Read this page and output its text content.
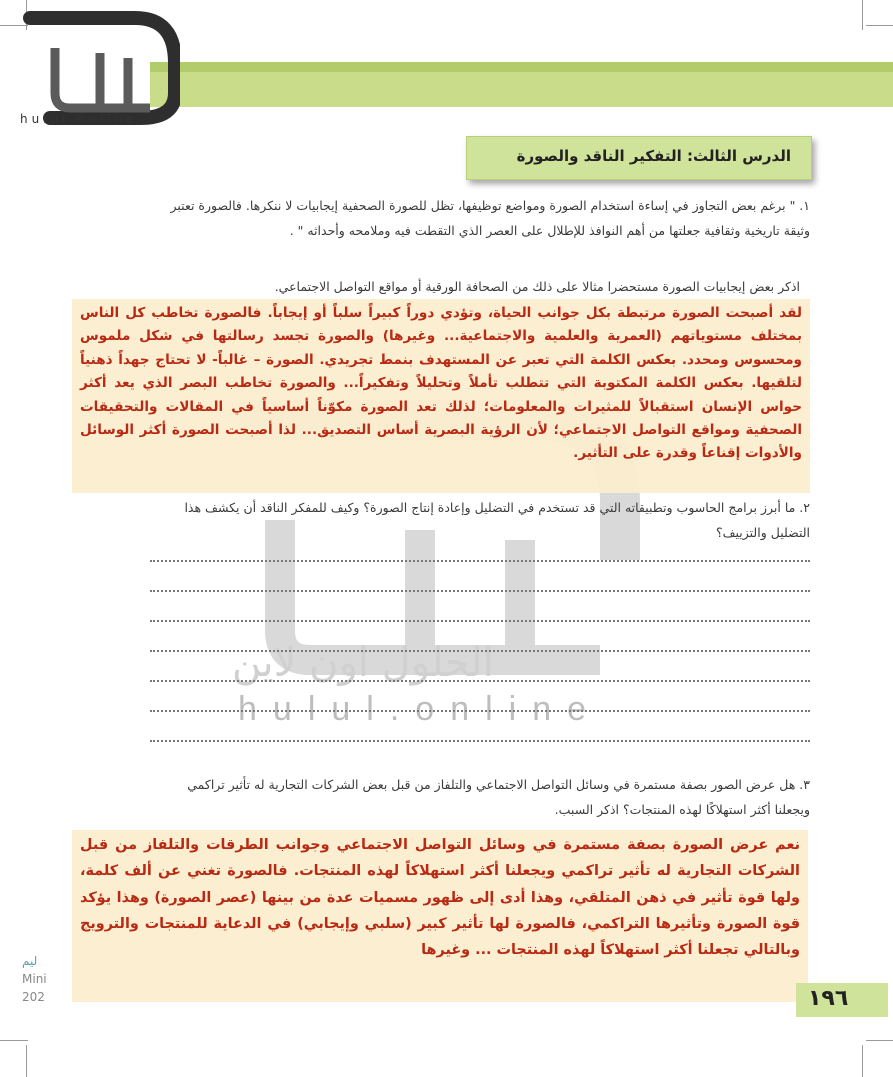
hulul.online
الدرس الثالث: التفكير الناقد والصورة
الحلول اون لاين
hulul.online
١. " برغم بعض التجاوز في إساءة استخدام الصورة ومواضع توظيفها، تظل للصورة الصحفية إيجابيات لا ننكرها. فالصورة تعتبر وثيقة تاريخية وثقافية جعلتها من أهم النوافذ للإطلال على العصر الذي التقطت فيه وملامحه وأحداثه " .
اذكر بعض إيجابيات الصورة مستحضرا مثالا على ذلك من الصحافة الورقية أو مواقع التواصل الاجتماعي.
لقد أصبحت الصورة مرتبطة بكل جوانب الحياة، وتؤدي دوراً كبيراً سلباً أو إيجاباً. فالصورة تخاطب كل الناس بمختلف مستوياتهم (العمرية والعلمية والاجتماعية... وغيرها) والصورة تجسد رسالتها في شكل ملموس ومحسوس ومحدد. بعكس الكلمة التي تعبر عن المستهدف بنمط تجريدي. الصورة – غالباً- لا تحتاج جهداً ذهنياً لتلقيها. بعكس الكلمة المكتوبة التي تتطلب تأملاً وتحليلاً وتفكيراً... والصورة تخاطب البصر الذي يعد أكثر حواس الإنسان استقبالاً للمثيرات والمعلومات؛ لذلك تعد الصورة مكوّناً أساسياً في المقالات والتحقيقات الصحفية ومواقع التواصل الاجتماعي؛ لأن الرؤية البصرية أساس التصديق... لذا أصبحت الصورة أكثر الوسائل والأدوات إقناعاً وقدرة على التأثير.
٢. ما أبرز برامج الحاسوب وتطبيقاته التي قد تستخدم في التضليل وإعادة إنتاج الصورة؟ وكيف للمفكر الناقد أن يكشف هذا التضليل والتزييف؟
٣. هل عرض الصور بصفة مستمرة في وسائل التواصل الاجتماعي والتلفاز من قبل بعض الشركات التجارية له تأثير تراكمي ويجعلنا أكثر استهلاكًا لهذه المنتجات؟ اذكر السبب.
نعم عرض الصورة بصفة مستمرة في وسائل التواصل الاجتماعي وجوانب الطرقات والتلفاز من قبل الشركات التجارية له تأثير تراكمي ويجعلنا أكثر استهلاكاً لهذه المنتجات. فالصورة تغني عن ألف كلمة، ولها قوة تأثير في ذهن المتلقي، وهذا أدى إلى ظهور مسميات عدة من بينها (عصر الصورة) وهذا يؤكد قوة الصورة وتأثيرها التراكمي، فالصورة لها تأثير كبير (سلبي وإيجابي) في الدعاية للمنتجات والترويج وبالتالي تجعلنا أكثر استهلاكاً لهذه المنتجات ... وغيرها
ليم
Mini
202	١٩٦
